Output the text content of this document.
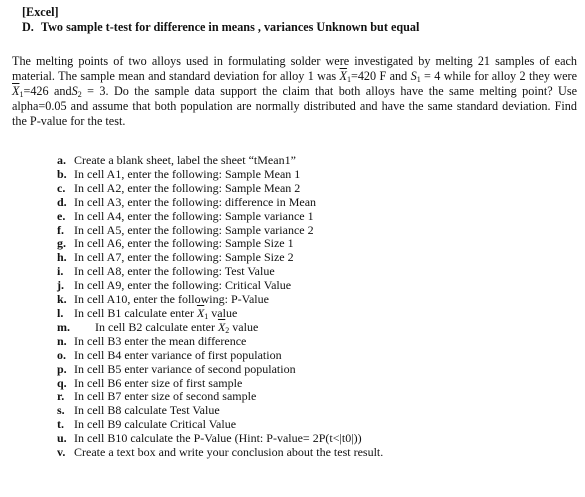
[Excel]
D. Two sample t-test for difference in means , variances Unknown but equal

The melting points of two alloys used in formulating solder were investigated by melting 21 samples of each material. The sample mean and standard deviation for alloy 1 was $\overline{X}_1=420$ F and $S_1 = 4$ while for alloy 2 they were $\overline{X}_1=426$ andS$_2$ = 3. Do the sample data support the claim that both alloys have the same melting point? Use alpha=0.05 and assume that both population are normally distributed and have the same standard deviation. Find the P-value for the test.

a. Create a blank sheet, label the sheet “tMean1”
b. In cell A1, enter the following: Sample Mean 1
c. In cell A2, enter the following: Sample Mean 2
d. In cell A3, enter the following: difference in Mean
e. In cell A4, enter the following: Sample variance 1
f. In cell A5, enter the following: Sample variance 2
g. In cell A6, enter the following: Sample Size 1
h. In cell A7, enter the following: Sample Size 2
i. In cell A8, enter the following: Test Value
j. In cell A9, enter the following: Critical Value
k. In cell A10, enter the following: P-Value
l. In cell B1 calculate enter $\overline{X}_1$ value
m. In cell B2 calculate enter $\overline{X}_2$ value
n. In cell B3 enter the mean difference
o. In cell B4 enter variance of first population
p. In cell B5 enter variance of second population
q. In cell B6 enter size of first sample
r. In cell B7 enter size of second sample
s. In cell B8 calculate Test Value
t. In cell B9 calculate Critical Value
u. In cell B10 calculate the P-Value (Hint: P-value= 2P(t<|t0|))
v. Create a text box and write your conclusion about the test result.
